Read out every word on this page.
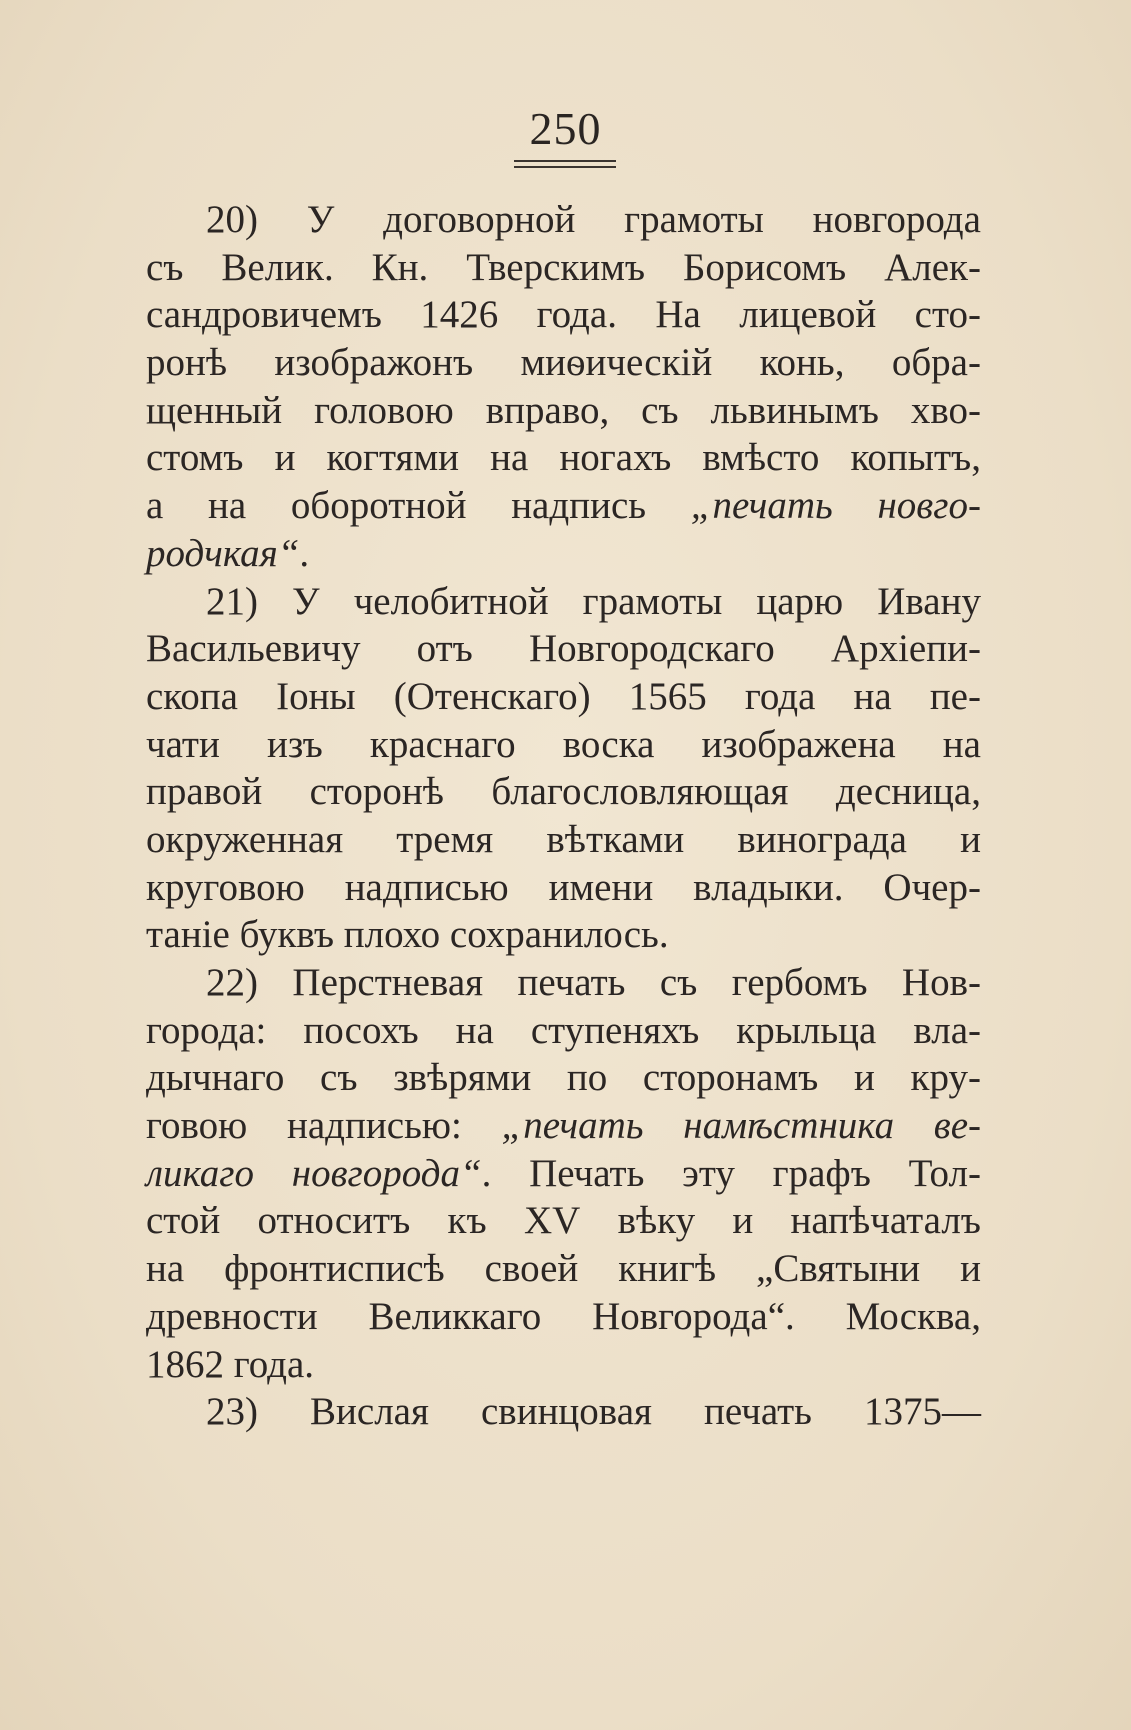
250
20) У договорной грамоты новгорода
съ Велик. Кн. Тверскимъ Борисомъ Алек-
сандровичемъ 1426 года. На лицевой сто-
ронѣ изображонъ миѳическій конь, обра-
щенный головою вправо, съ львинымъ хво-
стомъ и когтями на ногахъ вмѣсто копытъ,
а на оборотной надпись „печать новго-
родчкая“.
21) У челобитной грамоты царю Ивану
Васильевичу отъ Новгородскаго Архіепи-
скопа Іоны (Отенскаго) 1565 года на пе-
чати изъ краснаго воска изображена на
правой сторонѣ благословляющая десница,
окруженная тремя вѣтками винограда и
круговою надписью имени владыки. Очер-
таніе
буквъ
плохо
сохранилось.
22) Перстневая печать съ гербомъ Нов-
города: посохъ на ступеняхъ крыльца вла-
дычнаго съ звѣрями по сторонамъ и кру-
говою надписью: „печать намѣстника ве-
ликаго новгорода“. Печать эту графъ Тол-
стой относитъ къ XV вѣку и напѣчаталъ
на фронтисписѣ своей книгѣ „Святыни и
древности Великкаго Новгорода“. Москва,
1862
года.
23) Вислая свинцовая печать 1375—
